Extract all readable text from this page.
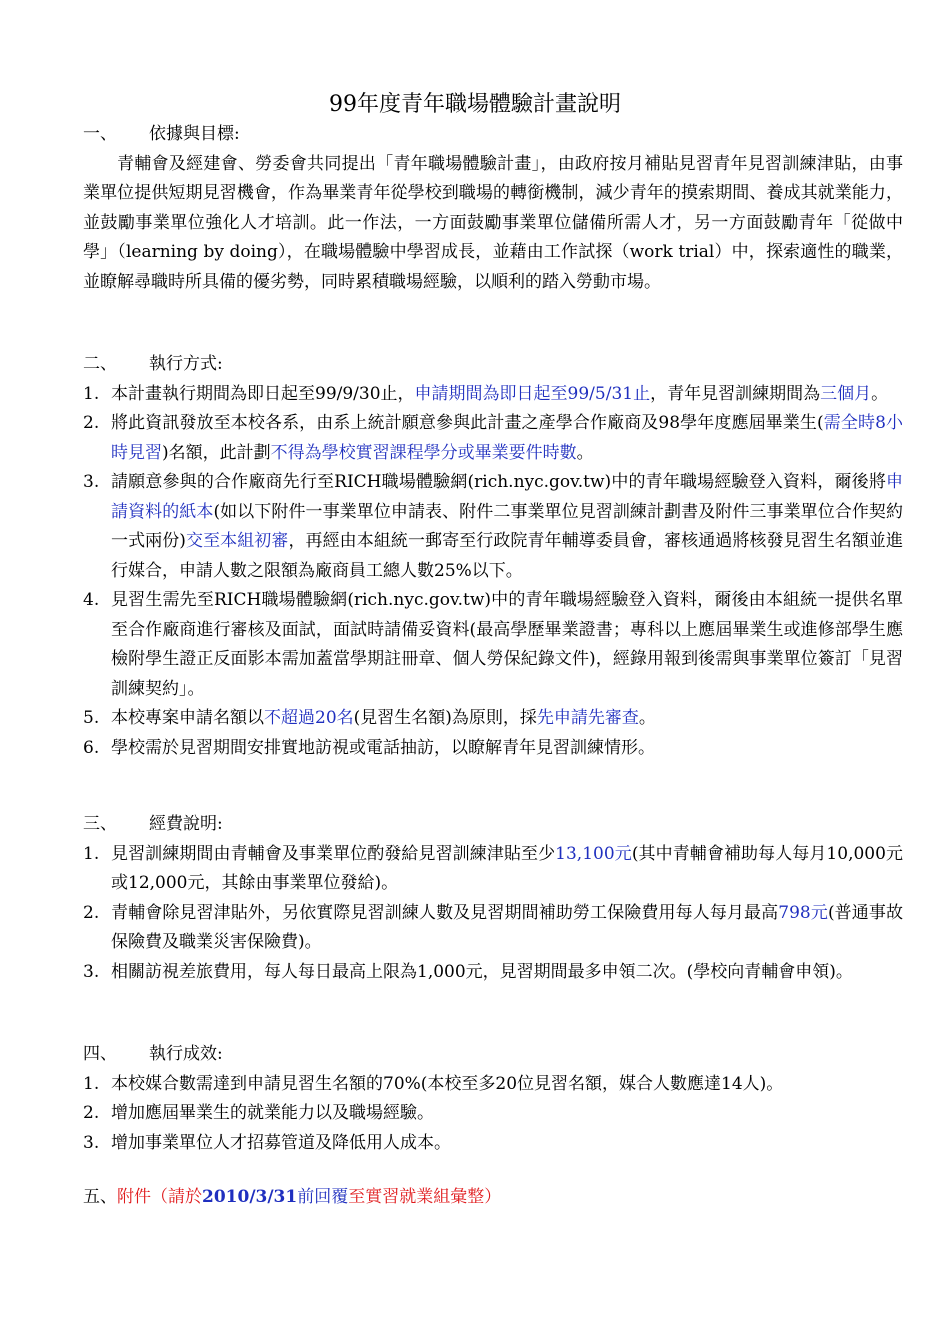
99年度青年職場體驗計畫說明
一、	依據與目標:
青輔會及經建會、勞委會共同提出「青年職場體驗計畫」，由政府按月補貼見習青年見習訓練津貼，由事業單位提供短期見習機會，作為畢業青年從學校到職場的轉銜機制，減少青年的摸索期間、養成其就業能力，並鼓勵事業單位強化人才培訓。此一作法，一方面鼓勵事業單位儲備所需人才，另一方面鼓勵青年「從做中學」（learning by doing），在職場體驗中學習成長，並藉由工作試探（work trial）中，探索適性的職業，並瞭解尋職時所具備的優劣勢，同時累積職場經驗，以順利的踏入勞動市場。
二、	執行方式:
1. 本計畫執行期間為即日起至99/9/30止，申請期間為即日起至99/5/31止，青年見習訓練期間為三個月。
2. 將此資訊發放至本校各系，由系上統計願意參與此計畫之產學合作廠商及98學年度應屆畢業生(需全時8小時見習)名額，此計劃不得為學校實習課程學分或畢業要件時數。
3. 請願意參與的合作廠商先行至RICH職場體驗網(rich.nyc.gov.tw)中的青年職場經驗登入資料，爾後將申請資料的紙本(如以下附件一事業單位申請表、附件二事業單位見習訓練計劃書及附件三事業單位合作契約一式兩份)交至本組初審，再經由本組統一郵寄至行政院青年輔導委員會，審核通過將核發見習生名額並進行媒合，申請人數之限額為廠商員工總人數25%以下。
4. 見習生需先至RICH職場體驗網(rich.nyc.gov.tw)中的青年職場經驗登入資料，爾後由本組統一提供名單至合作廠商進行審核及面試，面試時請備妥資料(最高學歷畢業證書；專科以上應屆畢業生或進修部學生應檢附學生證正反面影本需加蓋當學期註冊章、個人勞保紀錄文件)，經錄用報到後需與事業單位簽訂「見習訓練契約」。
5. 本校專案申請名額以不超過20名(見習生名額)為原則，採先申請先審查。
6. 學校需於見習期間安排實地訪視或電話抽訪，以瞭解青年見習訓練情形。
三、	經費說明:
1. 見習訓練期間由青輔會及事業單位酌發給見習訓練津貼至少13,100元(其中青輔會補助每人每月10,000元或12,000元，其餘由事業單位發給)。
2. 青輔會除見習津貼外，另依實際見習訓練人數及見習期間補助勞工保險費用每人每月最高798元(普通事故保險費及職業災害保險費)。
3. 相關訪視差旅費用，每人每日最高上限為1,000元，見習期間最多申領二次。(學校向青輔會申領)。
四、	執行成效:
1. 本校媒合數需達到申請見習生名額的70%(本校至多20位見習名額，媒合人數應達14人)。
2. 增加應屆畢業生的就業能力以及職場經驗。
3. 增加事業單位人才招募管道及降低用人成本。
五、附件（請於2010/3/31前回覆至實習就業組彙整）
